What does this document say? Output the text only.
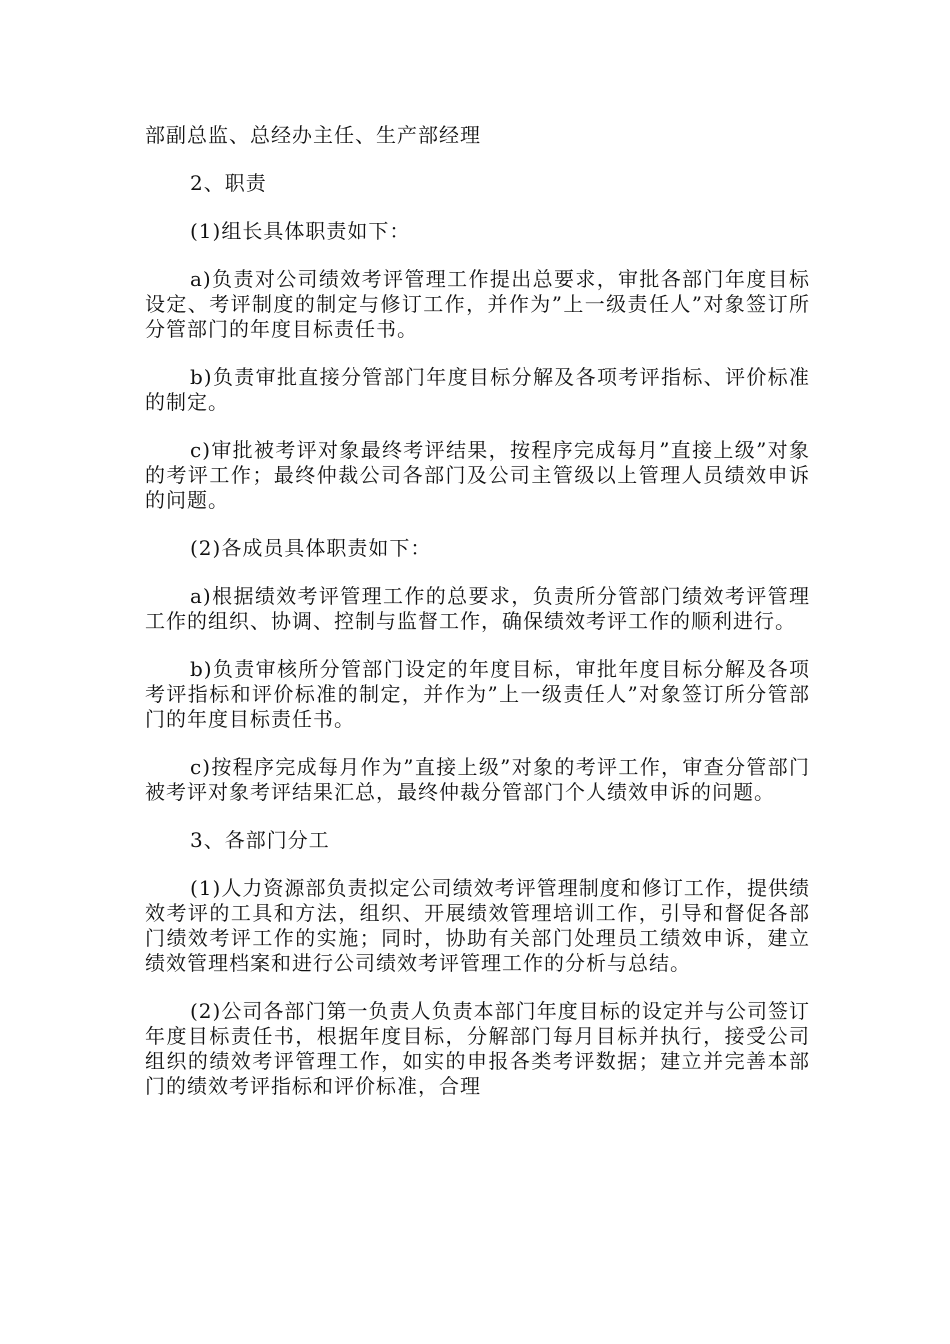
部副总监、总经办主任、生产部经理

2、职责

(1)组长具体职责如下：

a)负责对公司绩效考评管理工作提出总要求，审批各部门年度目标设定、考评制度的制定与修订工作，并作为”上一级责任人”对象签订所分管部门的年度目标责任书。

b)负责审批直接分管部门年度目标分解及各项考评指标、评价标准的制定。

c)审批被考评对象最终考评结果，按程序完成每月”直接上级”对象的考评工作；最终仲裁公司各部门及公司主管级以上管理人员绩效申诉的问题。

(2)各成员具体职责如下：

a)根据绩效考评管理工作的总要求，负责所分管部门绩效考评管理工作的组织、协调、控制与监督工作，确保绩效考评工作的顺利进行。

b)负责审核所分管部门设定的年度目标，审批年度目标分解及各项考评指标和评价标准的制定，并作为”上一级责任人”对象签订所分管部门的年度目标责任书。

c)按程序完成每月作为”直接上级”对象的考评工作，审查分管部门被考评对象考评结果汇总，最终仲裁分管部门个人绩效申诉的问题。

3、各部门分工

(1)人力资源部负责拟定公司绩效考评管理制度和修订工作，提供绩效考评的工具和方法，组织、开展绩效管理培训工作，引导和督促各部门绩效考评工作的实施；同时，协助有关部门处理员工绩效申诉，建立绩效管理档案和进行公司绩效考评管理工作的分析与总结。

(2)公司各部门第一负责人负责本部门年度目标的设定并与公司签订年度目标责任书，根据年度目标，分解部门每月目标并执行，接受公司组织的绩效考评管理工作，如实的申报各类考评数据；建立并完善本部门的绩效考评指标和评价标准，合理
